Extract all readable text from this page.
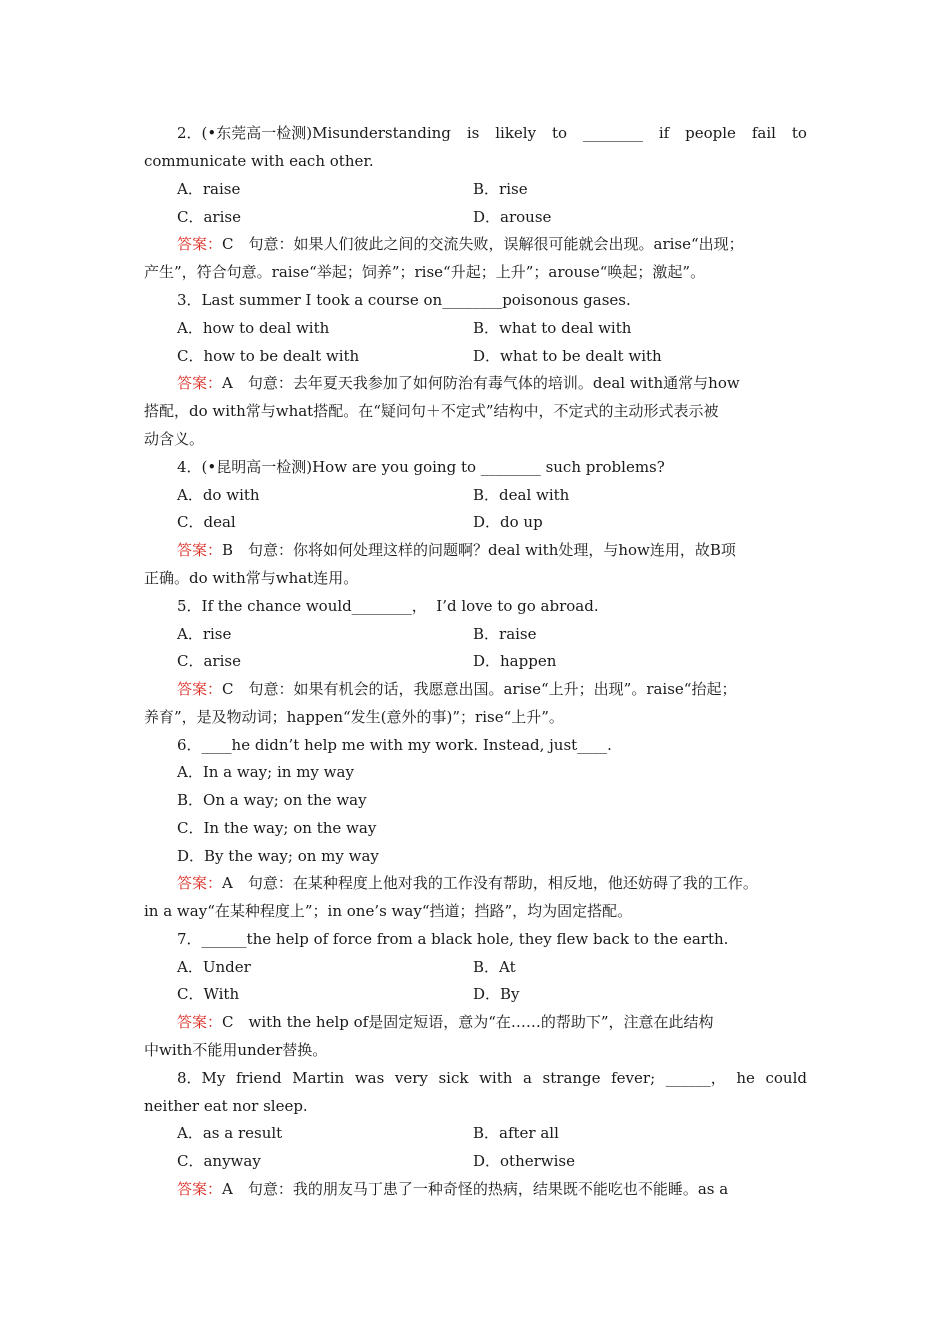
2．(•东莞高一检测)Misunderstanding is likely to ________ if people fail to
communicate with each other.
A．raise	B．rise
C．arise	D．arouse
答案：C　句意：如果人们彼此之间的交流失败，误解很可能就会出现。arise“出现；
产生”，符合句意。raise“举起；饲养”；rise“升起；上升”；arouse“唤起；激起”。
3．Last summer I took a course on________poisonous gases.
A．how to deal with	B．what to deal with
C．how to be dealt with	D．what to be dealt with
答案：A　句意：去年夏天我参加了如何防治有毒气体的培训。deal with通常与how
搭配，do with常与what搭配。在“疑问句＋不定式”结构中，不定式的主动形式表示被
动含义。
4．(•昆明高一检测)How are you going to ________ such problems?
A．do with	B．deal with
C．deal	D．do up
答案：B　句意：你将如何处理这样的问题啊？deal with处理，与how连用，故B项
正确。do with常与what连用。
5．If the chance would________，  I’d love to go abroad.
A．rise	B．raise
C．arise	D．happen
答案：C　句意：如果有机会的话，我愿意出国。arise“上升；出现”。raise“抬起；
养育”，是及物动词；happen“发生(意外的事)”；rise“上升”。
6．____he didn’t help me with my work. Instead, just____.
A．In a way; in my way
B．On a way; on the way
C．In the way; on the way
D．By the way; on my way
答案：A　句意：在某种程度上他对我的工作没有帮助，相反地，他还妨碍了我的工作。
in a way“在某种程度上”；in one’s way“挡道；挡路”，均为固定搭配。
7．______the help of force from a black hole, they flew back to the earth.
A．Under	B．At
C．With	D．By
答案：C　with the help of是固定短语，意为“在……的帮助下”，注意在此结构
中with不能用under替换。
8．My friend Martin was very sick with a strange fever; ______， he could
neither eat nor sleep.
A．as a result	B．after all
C．anyway	D．otherwise
答案：A　句意：我的朋友马丁患了一种奇怪的热病，结果既不能吃也不能睡。as a
